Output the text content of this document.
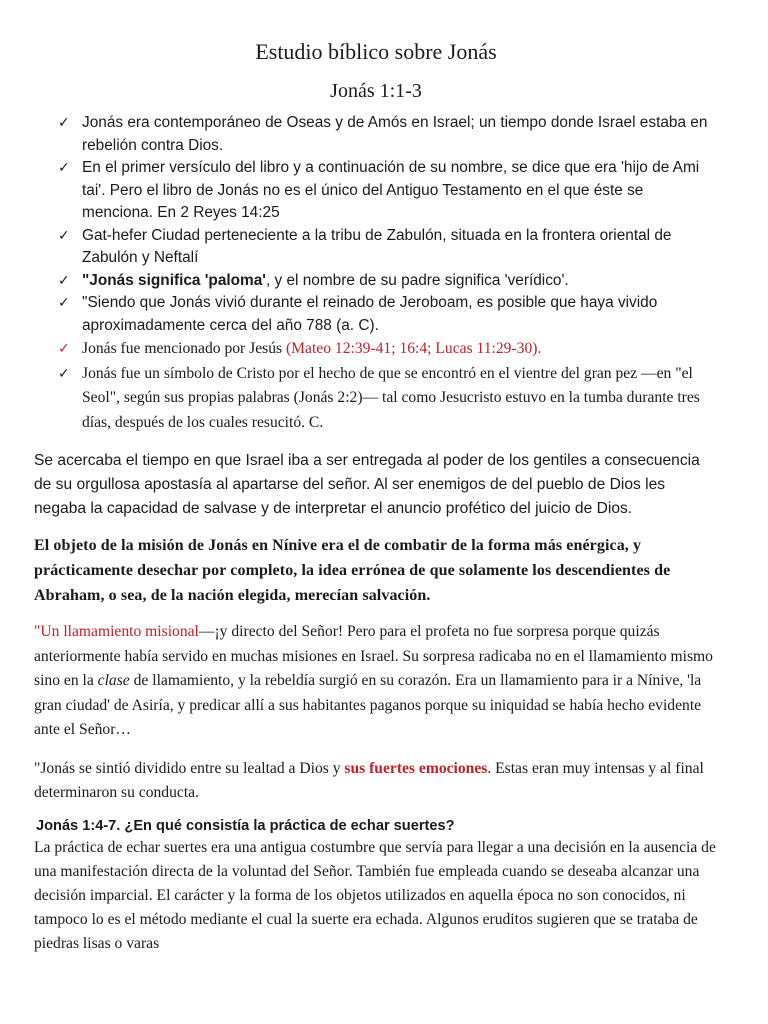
Estudio bíblico sobre Jonás
Jonás 1:1-3
✓ Jonás era contemporáneo de Oseas y de Amós en Israel; un tiempo donde Israel estaba en rebelión contra Dios.
✓ En el primer versículo del libro y a continuación de su nombre, se dice que era 'hijo de Ami tai'. Pero el libro de Jonás no es el único del Antiguo Testamento en el que éste se menciona. En 2 Reyes 14:25
✓ Gat-hefer Ciudad perteneciente a la tribu de Zabulón, situada en la frontera oriental de Zabulón y Neftalí
✓ "Jonás significa 'paloma', y el nombre de su padre significa 'verídico'.
✓ "Siendo que Jonás vivió durante el reinado de Jeroboam, es posible que haya vivido aproximadamente cerca del año 788 (a. C).
✓ Jonás fue mencionado por Jesús (Mateo 12:39-41; 16:4; Lucas 11:29-30).
✓ Jonás fue un símbolo de Cristo por el hecho de que se encontró en el vientre del gran pez —en "el Seol", según sus propias palabras (Jonás 2:2)— tal como Jesucristo estuvo en la tumba durante tres días, después de los cuales resucitó. C.

Se acercaba el tiempo en que Israel iba a ser entregada al poder de los gentiles a consecuencia de su orgullosa apostasía al apartarse del señor. Al ser enemigos de del pueblo de Dios les negaba la capacidad de salvase y de interpretar el anuncio profético del juicio de Dios.

El objeto de la misión de Jonás en Nínive era el de combatir de la forma más enérgica, y prácticamente desechar por completo, la idea errónea de que solamente los descendientes de Abraham, o sea, de la nación elegida, merecían salvación.

"Un llamamiento misional—¡y directo del Señor! Pero para el profeta no fue sorpresa porque quizás anteriormente había servido en muchas misiones en Israel. Su sorpresa radicaba no en el llamamiento mismo sino en la clase de llamamiento, y la rebeldía surgió en su corazón. Era un llamamiento para ir a Nínive, 'la gran ciudad' de Asiría, y predicar allí a sus habitantes paganos porque su iniquidad se había hecho evidente ante el Señor…

"Jonás se sintió dividido entre su lealtad a Dios y sus fuertes emociones. Estas eran muy intensas y al final determinaron su conducta.

Jonás 1:4-7. ¿En qué consistía la práctica de echar suertes?

La práctica de echar suertes era una antigua costumbre que servía para llegar a una decisión en la ausencia de una manifestación directa de la voluntad del Señor. También fue empleada cuando se deseaba alcanzar una decisión imparcial. El carácter y la forma de los objetos utilizados en aquella época no son conocidos, ni tampoco lo es el método mediante el cual la suerte era echada. Algunos eruditos sugieren que se trataba de piedras lisas o varas
